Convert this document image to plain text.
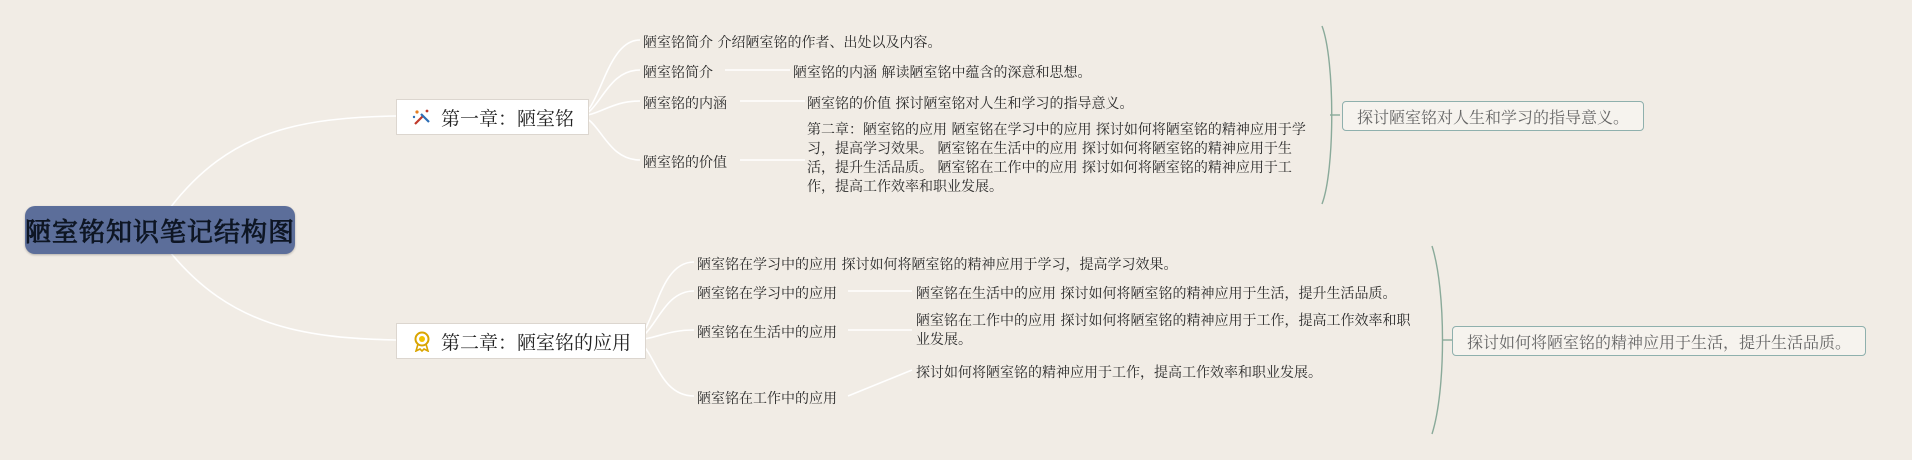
陋室铭知识笔记结构图
第一章：陋室铭
陋室铭简介 介绍陋室铭的作者、出处以及内容。
陋室铭简介
陋室铭的内涵
陋室铭的价值
陋室铭的内涵 解读陋室铭中蕴含的深意和思想。
陋室铭的价值 探讨陋室铭对人生和学习的指导意义。
第二章：陋室铭的应用 陋室铭在学习中的应用 探讨如何将陋室铭的精神应用于学习，提高学习效果。 陋室铭在生活中的应用 探讨如何将陋室铭的精神应用于生活，提升生活品质。 陋室铭在工作中的应用 探讨如何将陋室铭的精神应用于工作，提高工作效率和职业发展。
探讨陋室铭对人生和学习的指导意义。
第二章：陋室铭的应用
陋室铭在学习中的应用 探讨如何将陋室铭的精神应用于学习，提高学习效果。
陋室铭在学习中的应用
陋室铭在生活中的应用
陋室铭在工作中的应用
陋室铭在生活中的应用 探讨如何将陋室铭的精神应用于生活，提升生活品质。
陋室铭在工作中的应用 探讨如何将陋室铭的精神应用于工作，提高工作效率和职业发展。
探讨如何将陋室铭的精神应用于工作，提高工作效率和职业发展。
探讨如何将陋室铭的精神应用于生活，提升生活品质。
